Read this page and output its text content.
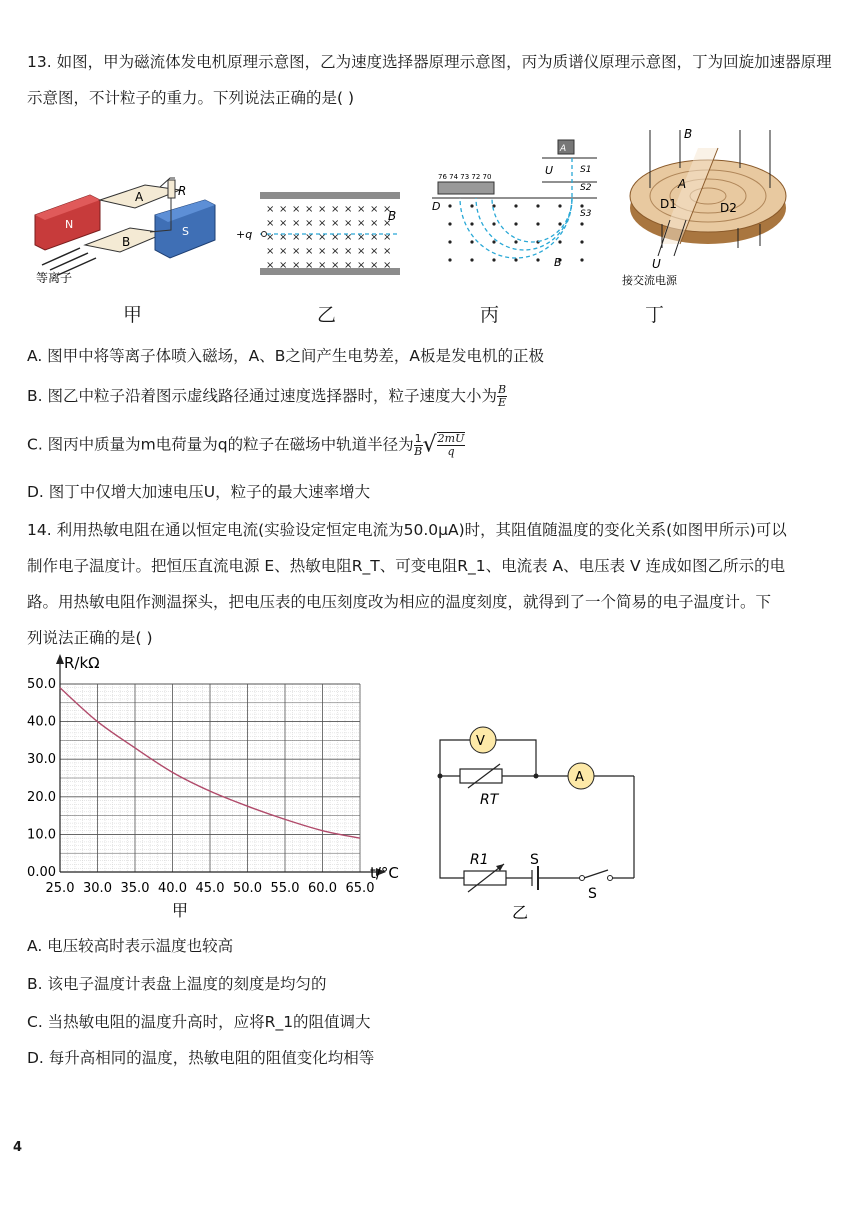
13. 如图，甲为磁流体发电机原理示意图，乙为速度选择器原理示意图，丙为质谱仪原理示意图，丁为回旋加速器原理示意图，不计粒子的重力。下列说法正确的是( )
N
A
B
S
R
等离子
× × × × × × × × × ×
× × × × × × × × × ×
× × × × × × × × × ×
× × × × × × × × × ×
× × × × × × × × × ×
+q
B
A
U	S1
S2
S3
76 74 73 72 70
D
B
B
A
D1	D2
U
接交流电源
甲	乙	丙	丁
A. 图甲中将等离子体喷入磁场，A、B之间产生电势差，A板是发电机的正极
B. 图乙中粒子沿着图示虚线路径通过速度选择器时，粒子速度大小为 $\frac{B}{E}$
C. 图丙中质量为m电荷量为q的粒子在磁场中轨道半径为 $\frac{1}{B}$ √ $\frac{2mU}{q}$
D. 图丁中仅增大加速电压U，粒子的最大速率增大
14. 利用热敏电阻在通以恒定电流(实验设定恒定电流为50.0μA)时，其阻值随温度的变化关系(如图甲所示)可以
制作电子温度计。把恒压直流电源 E、热敏电阻R_T、可变电阻R_1、电流表 A、电压表 V 连成如图乙所示的电
路。用热敏电阻作测温探头，把电压表的电压刻度改为相应的温度刻度，就得到了一个简易的电子温度计。下
列说法正确的是( )
25.0 30.0 35.0 40.0 45.0 50.0 55.0 60.0 65.0
0.00
10.0
20.0
30.0
40.0
50.0
R/kΩ
t/°C
甲
V
A
RT
R1	S
S
乙
A. 电压较高时表示温度也较高
B. 该电子温度计表盘上温度的刻度是均匀的
C. 当热敏电阻的温度升高时，应将R_1的阻值调大
D. 每升高相同的温度，热敏电阻的阻值变化均相等
4
